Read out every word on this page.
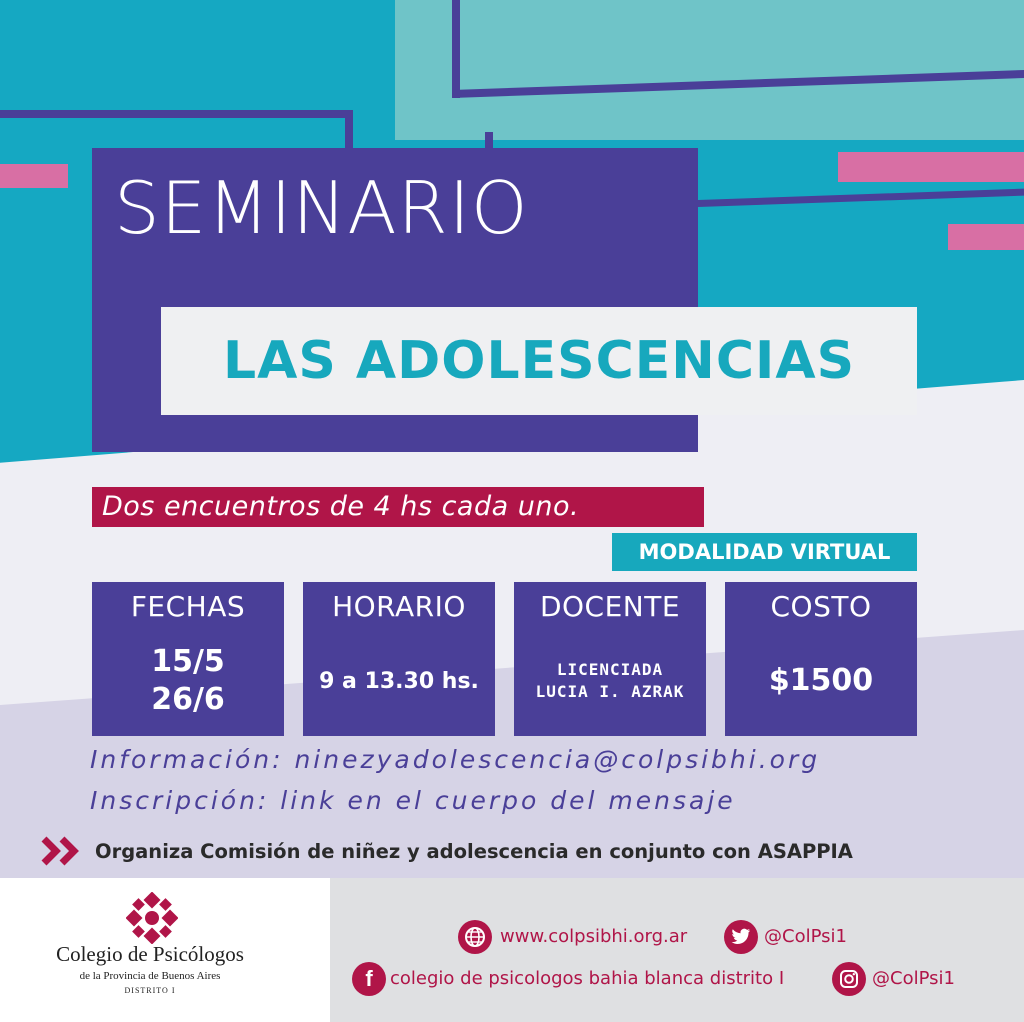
SEMINARIO
LAS ADOLESCENCIAS
Dos encuentros de 4 hs cada uno.
MODALIDAD VIRTUAL
FECHAS
15/5
26/6
HORARIO
9 a 13.30 hs.
DOCENTE
LICENCIADA
LUCIA I. AZRAK
COSTO
$1500
Información: ninezyadolescencia@colpsibhi.org
Inscripción: link en el cuerpo del mensaje
Organiza Comisión de niñez y adolescencia en conjunto con ASAPPIA
Colegio de Psicólogos
de la Provincia de Buenos Aires
DISTRITO I
www.colpsibhi.org.ar	@ColPsi1
f colegio de psicologos bahia blanca distrito I	@ColPsi1
